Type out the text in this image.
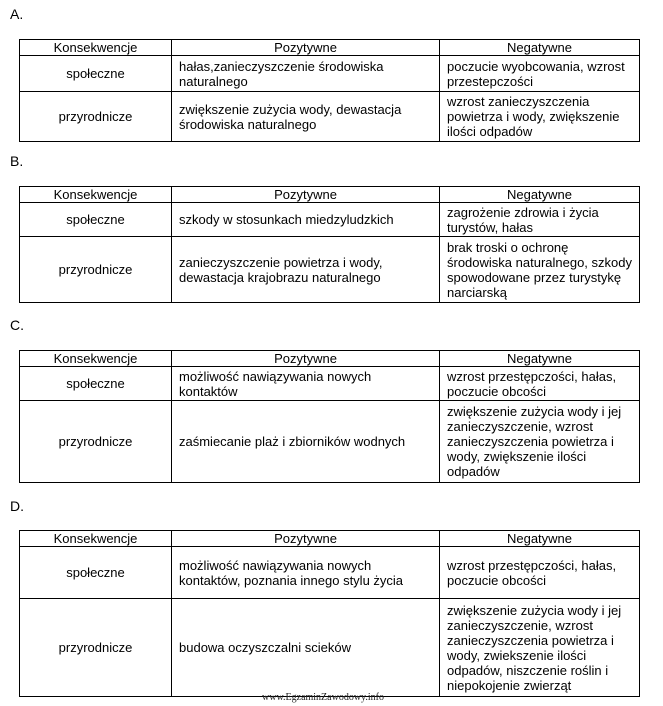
A.
Konsekwencje	Pozytywne	Negatywne
społeczne	hałas,zanieczyszczenie środowiska naturalnego	poczucie wyobcowania, wzrost przestepczości
przyrodnicze	zwiększenie zużycia wody, dewastacja środowiska naturalnego	wzrost zanieczyszczenia powietrza i wody, zwiększenie ilości odpadów
B.
Konsekwencje	Pozytywne	Negatywne
społeczne	szkody w stosunkach miedzyludzkich	zagrożenie zdrowia i życia turystów, hałas
przyrodnicze	zanieczyszczenie powietrza i wody, dewastacja krajobrazu naturalnego	brak troski o ochronę środowiska naturalnego, szkody spowodowane przez turystykę narciarską
C.
Konsekwencje	Pozytywne	Negatywne
społeczne	możliwość nawiązywania nowych kontaktów	wzrost przestępczości, hałas, poczucie obcości
przyrodnicze	zaśmiecanie plaż i zbiorników wodnych	zwiększenie zużycia wody i jej zanieczyszczenie, wzrost zanieczyszczenia powietrza i wody, zwiększenie ilości odpadów
D.
Konsekwencje	Pozytywne	Negatywne
społeczne	możliwość nawiązywania nowych kontaktów, poznania innego stylu życia	wzrost przestępczości, hałas, poczucie obcości
przyrodnicze	budowa oczyszczalni scieków	zwiększenie zużycia wody i jej zanieczyszczenie, wzrost zanieczyszczenia powietrza i wody, zwiekszenie ilości odpadów, niszczenie roślin i niepokojenie zwierząt
www.EgzaminZawodowy.info
